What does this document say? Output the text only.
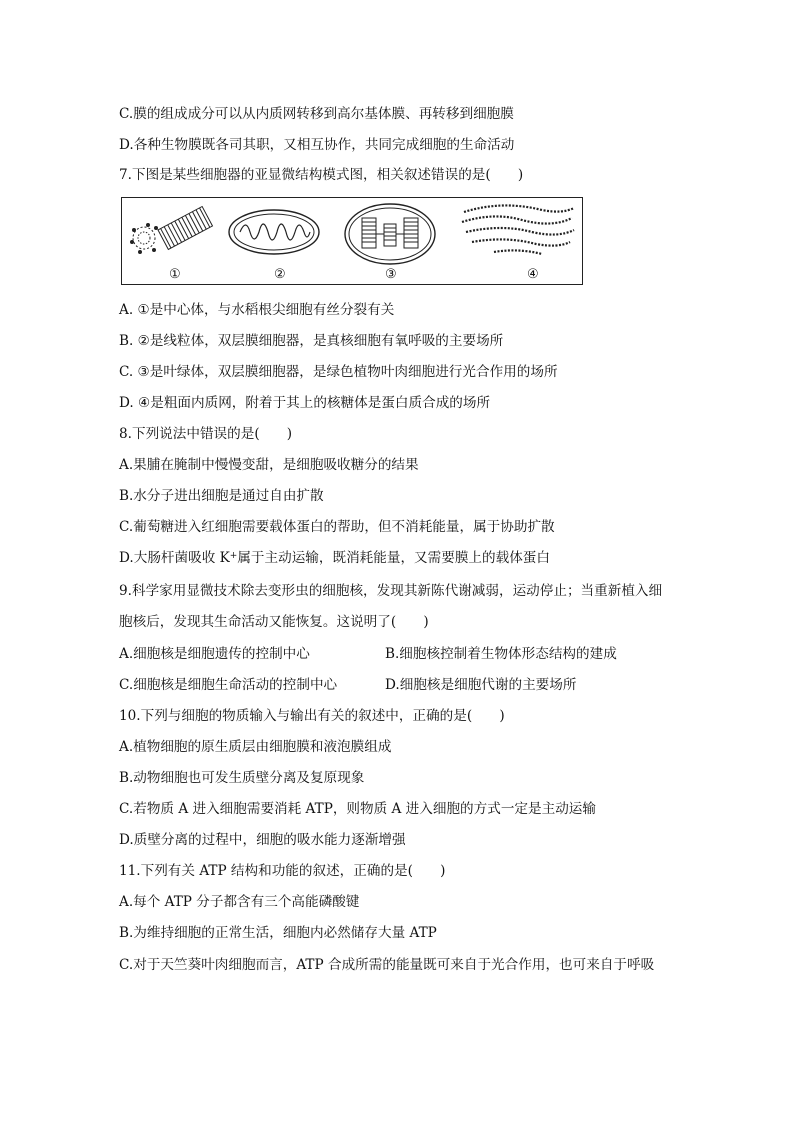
C.膜的组成成分可以从内质网转移到高尔基体膜、再转移到细胞膜
D.各种生物膜既各司其职，又相互协作，共同完成细胞的生命活动
7.下图是某些细胞器的亚显微结构模式图，相关叙述错误的是(　　)
①	②	③	④
A. ①是中心体，与水稻根尖细胞有丝分裂有关
B. ②是线粒体，双层膜细胞器，是真核细胞有氧呼吸的主要场所
C. ③是叶绿体，双层膜细胞器，是绿色植物叶肉细胞进行光合作用的场所
D. ④是粗面内质网，附着于其上的核糖体是蛋白质合成的场所
8.下列说法中错误的是(　　)
A.果脯在腌制中慢慢变甜，是细胞吸收糖分的结果
B.水分子进出细胞是通过自由扩散
C.葡萄糖进入红细胞需要载体蛋白的帮助，但不消耗能量，属于协助扩散
D.大肠杆菌吸收 K+属于主动运输，既消耗能量，又需要膜上的载体蛋白
9.科学家用显微技术除去变形虫的细胞核，发现其新陈代谢减弱，运动停止；当重新植入细
胞核后，发现其生命活动又能恢复。这说明了(　　)
A.细胞核是细胞遗传的控制中心	B.细胞核控制着生物体形态结构的建成
C.细胞核是细胞生命活动的控制中心	D.细胞核是细胞代谢的主要场所
10.下列与细胞的物质输入与输出有关的叙述中，正确的是(　　)
A.植物细胞的原生质层由细胞膜和液泡膜组成
B.动物细胞也可发生质壁分离及复原现象
C.若物质 A 进入细胞需要消耗 ATP，则物质 A 进入细胞的方式一定是主动运输
D.质壁分离的过程中，细胞的吸水能力逐渐增强
11.下列有关 ATP 结构和功能的叙述，正确的是(　　)
A.每个 ATP 分子都含有三个高能磷酸键
B.为维持细胞的正常生活，细胞内必然储存大量 ATP
C.对于天竺葵叶肉细胞而言，ATP 合成所需的能量既可来自于光合作用，也可来自于呼吸
